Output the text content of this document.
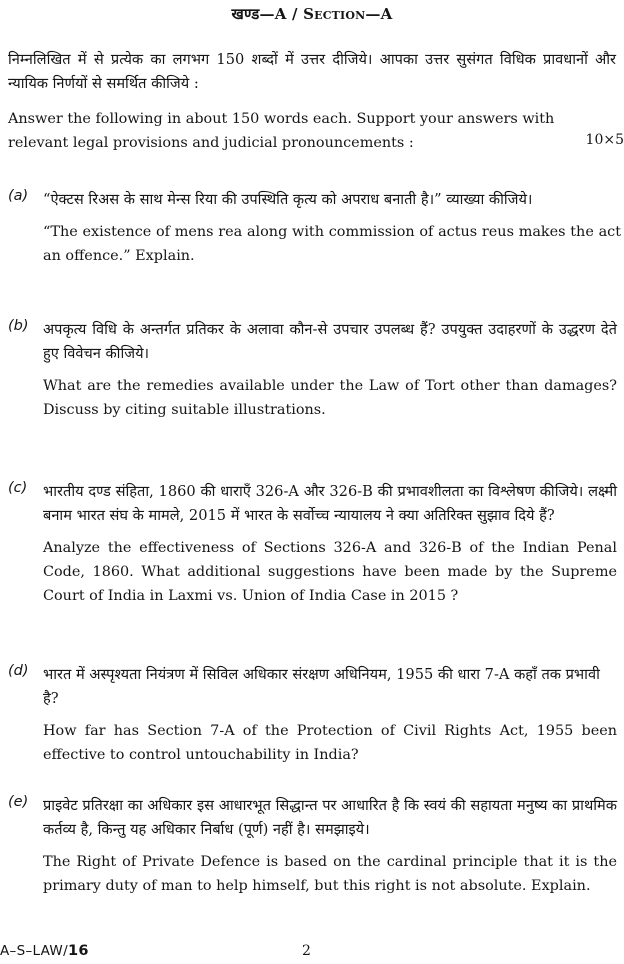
खण्ड—A / Section—A
निम्नलिखित में से प्रत्येक का लगभग 150 शब्दों में उत्तर दीजिये। आपका उत्तर सुसंगत विधिक प्रावधानों और न्यायिक निर्णयों से समर्थित कीजिये :
Answer the following in about 150 words each. Support your answers with relevant legal provisions and judicial pronouncements :	10×5
(a) “ऐक्टस रिअस के साथ मेन्स रिया की उपस्थिति कृत्य को अपराध बनाती है।” व्याख्या कीजिये।
“The existence of mens rea along with commission of actus reus makes the act an offence.” Explain.
(b) अपकृत्य विधि के अन्तर्गत प्रतिकर के अलावा कौन-से उपचार उपलब्ध हैं? उपयुक्त उदाहरणों के उद्धरण देते हुए विवेचन कीजिये।
What are the remedies available under the Law of Tort other than damages? Discuss by citing suitable illustrations.
(c) भारतीय दण्ड संहिता, 1860 की धाराएँ 326-A और 326-B की प्रभावशीलता का विश्लेषण कीजिये। लक्ष्मी बनाम भारत संघ के मामले, 2015 में भारत के सर्वोच्च न्यायालय ने क्या अतिरिक्त सुझाव दिये हैं?
Analyze the effectiveness of Sections 326-A and 326-B of the Indian Penal Code, 1860. What additional suggestions have been made by the Supreme Court of India in Laxmi vs. Union of India Case in 2015 ?
(d) भारत में अस्पृश्यता नियंत्रण में सिविल अधिकार संरक्षण अधिनियम, 1955 की धारा 7-A कहाँ तक प्रभावी है?
How far has Section 7-A of the Protection of Civil Rights Act, 1955 been effective to control untouchability in India?
(e) प्राइवेट प्रतिरक्षा का अधिकार इस आधारभूत सिद्धान्त पर आधारित है कि स्वयं की सहायता मनुष्य का प्राथमिक कर्तव्य है, किन्तु यह अधिकार निर्बाध (पूर्ण) नहीं है। समझाइये।
The Right of Private Defence is based on the cardinal principle that it is the primary duty of man to help himself, but this right is not absolute. Explain.
A–S–LAW/16	2
